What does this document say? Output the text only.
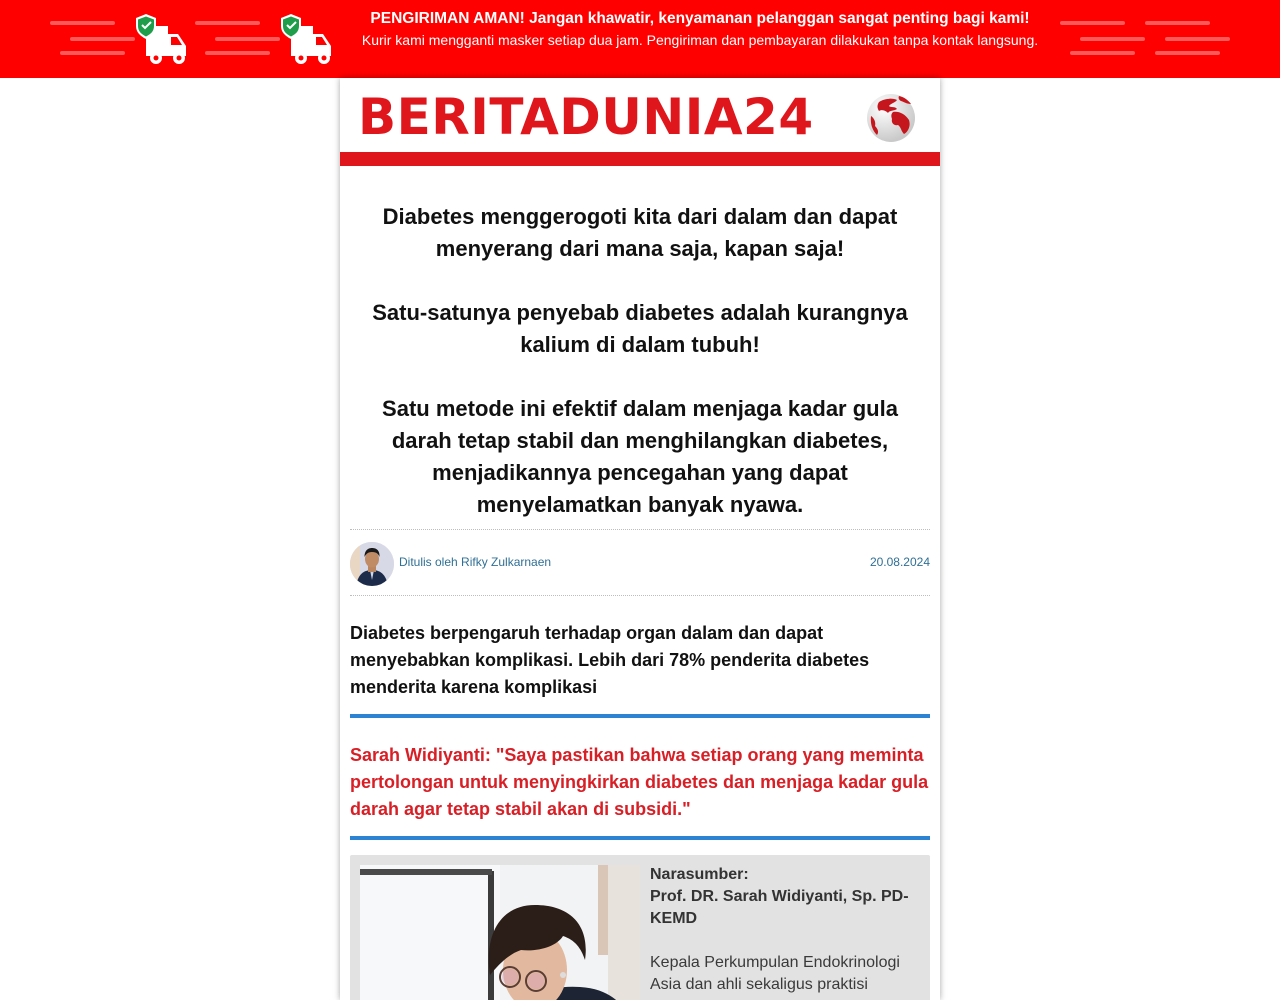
PENGIRIMAN AMAN! Jangan khawatir, kenyamanan pelanggan sangat penting bagi kami!
Kurir kami mengganti masker setiap dua jam. Pengiriman dan pembayaran dilakukan tanpa kontak langsung.
BERITADUNIA24

Diabetes menggerogoti kita dari dalam dan dapat menyerang dari mana saja, kapan saja!

Satu-satunya penyebab diabetes adalah kurangnya kalium di dalam tubuh!

Satu metode ini efektif dalam menjaga kadar gula darah tetap stabil dan menghilangkan diabetes, menjadikannya pencegahan yang dapat menyelamatkan banyak nyawa.

Ditulis oleh Rifky Zulkarnaen	20.08.2024
Diabetes berpengaruh terhadap organ dalam dan dapat menyebabkan komplikasi. Lebih dari 78% penderita diabetes menderita karena komplikasi
Sarah Widiyanti: "Saya pastikan bahwa setiap orang yang meminta pertolongan untuk menyingkirkan diabetes dan menjaga kadar gula darah agar tetap stabil akan di subsidi."
Narasumber:
Prof. DR. Sarah Widiyanti, Sp. PD-KEMD
Kepala Perkumpulan Endokrinologi Asia dan ahli sekaligus praktisi
